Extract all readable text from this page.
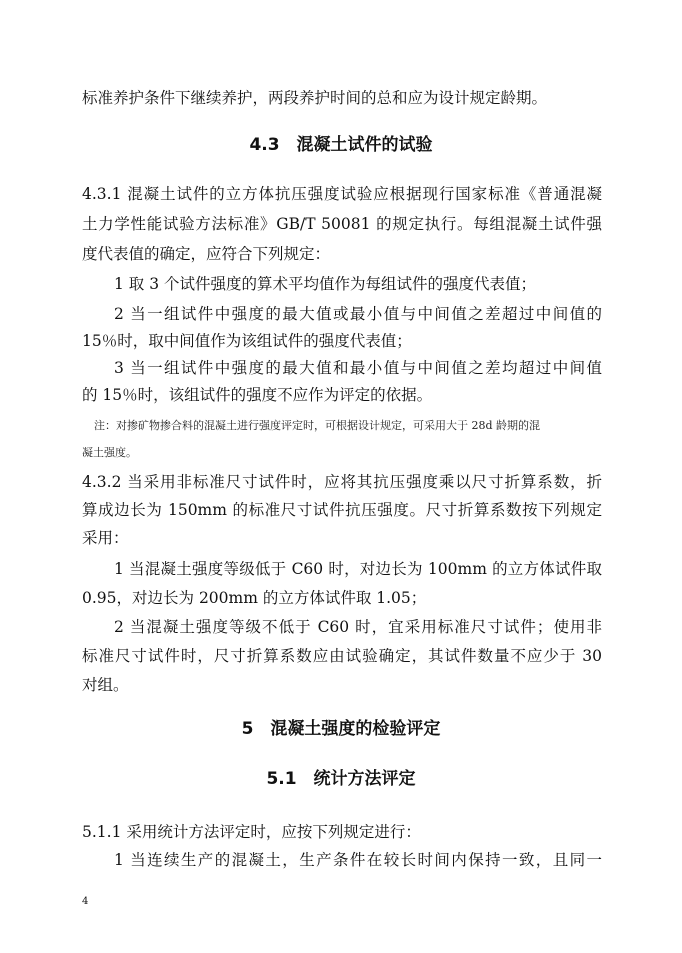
标准养护条件下继续养护，两段养护时间的总和应为设计规定龄期。
4.3　混凝土试件的试验
4.3.1 混凝土试件的立方体抗压强度试验应根据现行国家标准《普通混凝
土力学性能试验方法标准》GB/T 50081 的规定执行。每组混凝土试件强
度代表值的确定，应符合下列规定：
1 取 3 个试件强度的算术平均值作为每组试件的强度代表值；
2 当一组试件中强度的最大值或最小值与中间值之差超过中间值的
15％时，取中间值作为该组试件的强度代表值；
3 当一组试件中强度的最大值和最小值与中间值之差均超过中间值
的 15％时，该组试件的强度不应作为评定的依据。
注：对掺矿物掺合料的混凝土进行强度评定时，可根据设计规定，可采用大于 28d 龄期的混
凝土强度。
4.3.2 当采用非标准尺寸试件时，应将其抗压强度乘以尺寸折算系数，折
算成边长为 150mm 的标准尺寸试件抗压强度。尺寸折算系数按下列规定
采用：
1 当混凝土强度等级低于 C60 时，对边长为 100mm 的立方体试件取
0.95，对边长为 200mm 的立方体试件取 1.05；
2 当混凝土强度等级不低于 C60 时，宜采用标准尺寸试件；使用非
标准尺寸试件时，尺寸折算系数应由试验确定，其试件数量不应少于 30
对组。
5　混凝土强度的检验评定
5.1　统计方法评定
5.1.1 采用统计方法评定时，应按下列规定进行：
1 当连续生产的混凝土，生产条件在较长时间内保持一致，且同一
4
